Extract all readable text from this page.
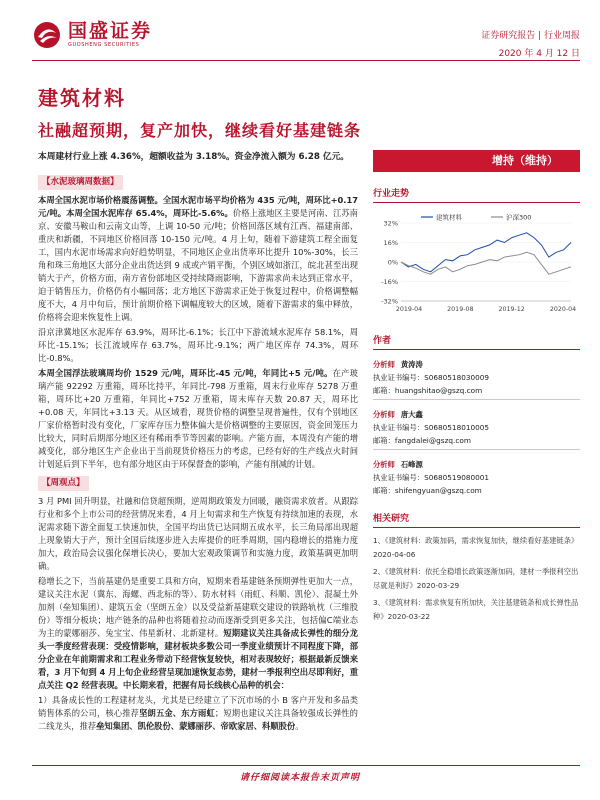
国盛证券
GUOSHENG SECURITIES
证券研究报告 | 行业周报
2020 年 4 月 12 日
建筑材料
社融超预期，复产加快，继续看好基建链条

本周建材行业上涨 4.36%，超额收益为 3.18%。资金净流入额为 6.28 亿元。

【水泥玻璃周数据】

本周全国水泥市场价格震荡调整。全国水泥市场平均价格为 435 元/吨，周环比+0.17 元/吨。本周全国水泥库存 65.4%，周环比-5.6%。价格上涨地区主要是河南、江苏南京、安徽马鞍山和云南文山等，上调 10-50 元/吨；价格回落区域有江西、福建南部、重庆和新疆，不同地区价格回落 10-150 元/吨。4 月上旬，随着下游建筑工程全面复工，国内水泥市场需求向好趋势明显，不同地区企业出货率环比提升 10%-30%，长三角和珠三角地区大部分企业出货达到 9 成或产销平衡，个别区域如浙江，皖北甚至出现销大于产，价格方面，南方省份部地区受持续降雨影响，下游需求尚未达到正常水平，迫于销售压力，价格仍有小幅回落；北方地区下游需求正处于恢复过程中，价格调整幅度不大，4 月中旬后，预计前期价格下调幅度较大的区域，随着下游需求的集中释放，价格将会迎来恢复性上调。

沿京津冀地区水泥库存 63.9%，周环比-6.1%；长江中下游流域水泥库存 58.1%，周环比-15.1%；长江流域库存 63.7%，周环比-9.1%；两广地区库存 74.3%，周环比-0.8%。

本周全国浮法玻璃周均价 1529 元/吨，周环比-45 元/吨，年同比+5 元/吨。在产玻璃产能 92292 万重箱，周环比持平，年同比-798 万重箱，周末行业库存 5278 万重箱，周环比+20 万重箱，年同比+752 万重箱，周末库存天数 20.87 天，周环比+0.08 天，年同比+3.13 天。从区域看，现货价格的调整呈现普遍性，仅有个别地区厂家价格暂时没有变化，厂家库存压力整体偏大是价格调整的主要原因，资金回笼压力比较大，同时后期部分地区还有稀雨季节等因素的影响。产能方面，本周没有产能的增减变化，部分地区生产企业出于当前现货价格压力的考虑，已经有好的生产线点火时间计划延后到下半年，也有部分地区由于环保督查的影响，产能有削减的计划。

【周观点】

3 月 PMI 回升明显，社融和信贷超预期，逆周期政策发力回暖，融资需求放者。从跟踪行业和多个上市公司的经营情况来看，4 月上旬需求和生产恢复有持续加速的表现，水泥需求随下游全面复工快速加快，全国平均出货已达同期五成水平，长三角局部出现超上现象销大于产，预计全国后续逐步进入去库提价的旺季周期，国内稳增长的措施力度加大，政治局会议强化保增长决心，要加大宏观政策调节和实施力度，政策基调更加明确。

稳增长之下，当前基建仍是重要工具和方向，短期来看基建链条预期弹性更加大一点，建议关注水泥（冀东、海螺、西北标的等）、防水材料（雨虹、科顺、凯伦）、混凝土外加剂（垒知集团）、建筑五金（坚朗五金）以及受益新基建联交建设的铁路轨枕（三维股份）等细分板块；地产链条的品种也将随着拉动而逐渐受到更多关注，包括偏C端业态为主的蒙娜丽莎、兔宝宝、伟星新材、北新建材。短期建议关注具备成长弹性的细分龙头一季度经营表现：受疫情影响，建材板块多数公司一季度业绩预计不同程度下降，部分企业在年前期需求和工程业务带动下经营恢复较快，相对表现较好；根据最新反馈来看，3 月下旬到 4 月上旬企业经营呈现加速恢复态势，建材一季报利空出尽即利好，重点关注 Q2 经营表现。中长期来看，把握有局长线核心品种的机会：

1）具备成长性的工程建材龙头，尤其是已经建立了下沉市场的小 B 客户开发和多品类销售体系的公司，核心推荐坚朗五金、东方雨虹；短期也建议关注具备较强成长弹性的二线龙头，推荐垒知集团、凯伦股份、蒙娜丽莎、帝欧家居、科顺股份。

增持（维持）
行业走势
32%
16%
0%
-16%
-32%
2019-04	2019-08	2019-12	2020-04
建筑材料	沪深300
作者
分析师 黄涛涛
执业证书编号：S0680518030009
邮箱：huangshitao@gszq.com
分析师 唐大鑫
执业证书编号：S0680518010005
邮箱：fangdalei@gszq.com
分析师 石峰源
执业证书编号：S0680519080001
邮箱：shifengyuan@gszq.com
相关研究

1、《建筑材料：政策加码，需求恢复加快，继续看好基建链条》2020-04-06

2、《建筑材料：依托全稳增长政策逐渐加码，建材一季报利空出尽就是利好》2020-03-29

3、《建筑材料：需求恢复有所加快，关注基建链条和成长弹性品种》2020-03-22

请仔细阅读本报告末页声明
